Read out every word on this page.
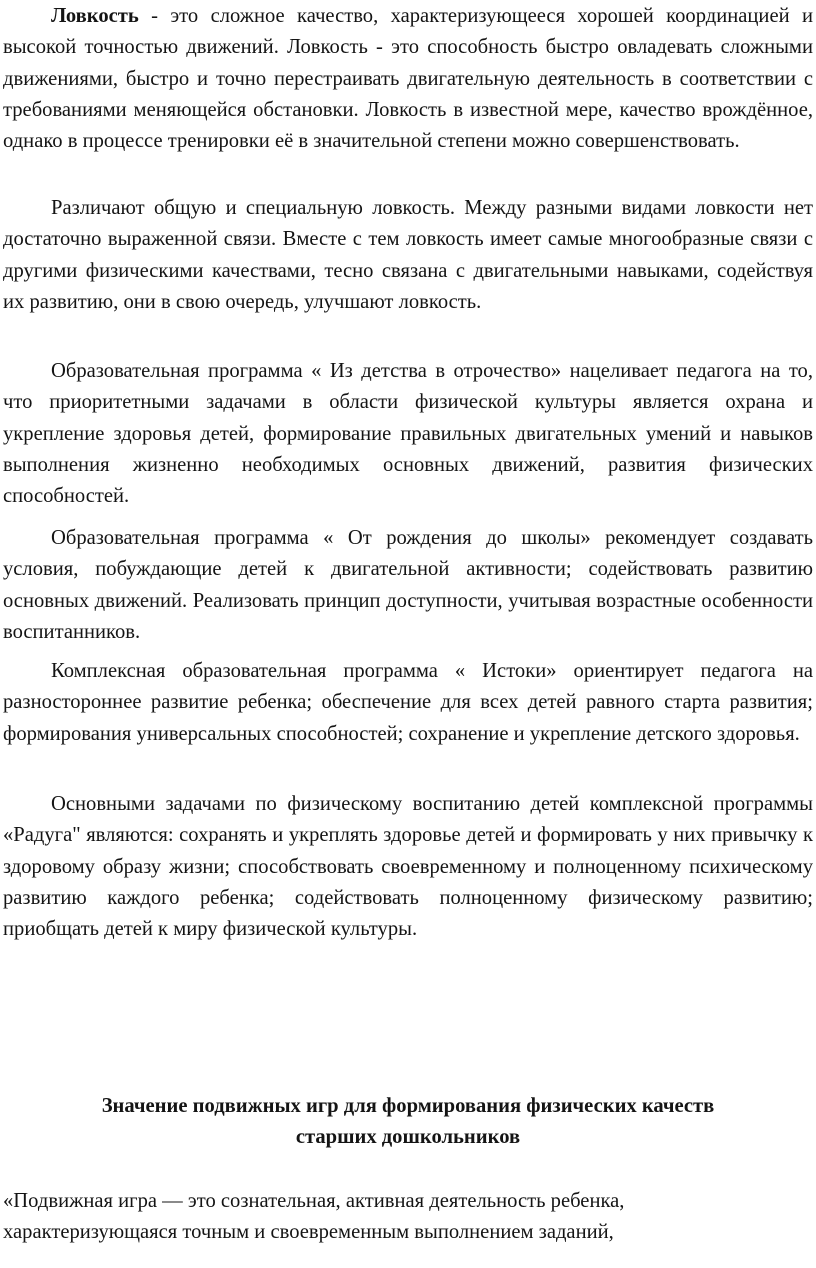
Ловкость - это сложное качество, характеризующееся хорошей координацией и высокой точностью движений. Ловкость - это способность быстро овладевать сложными движениями, быстро и точно перестраивать двигательную деятельность в соответствии с требованиями меняющейся обстановки. Ловкость в известной мере, качество врождённое, однако в процессе тренировки её в значительной степени можно совершенствовать.

Различают общую и специальную ловкость. Между разными видами ловкости нет достаточно выраженной связи. Вместе с тем ловкость имеет самые многообразные связи с другими физическими качествами, тесно связана с двигательными навыками, содействуя их развитию, они в свою очередь, улучшают ловкость.

Образовательная программа « Из детства в отрочество» нацеливает педагога на то, что приоритетными задачами в области физической культуры является охрана и укрепление здоровья детей, формирование правильных двигательных умений и навыков выполнения жизненно необходимых основных движений, развития физических способностей.

Образовательная программа « От рождения до школы» рекомендует создавать условия, побуждающие детей к двигательной активности; содействовать развитию основных движений. Реализовать принцип доступности, учитывая возрастные особенности воспитанников.

Комплексная образовательная программа « Истоки» ориентирует педагога на разностороннее развитие ребенка; обеспечение для всех детей равного старта развития; формирования универсальных способностей; сохранение и укрепление детского здоровья.

Основными задачами по физическому воспитанию детей комплексной программы «Радуга" являются: сохранять и укреплять здоровье детей и формировать у них привычку к здоровому образу жизни; способствовать своевременному и полноценному психическому развитию каждого ребенка; содействовать полноценному физическому развитию; приобщать детей к миру физической культуры.

Значение подвижных игр для формирования физических качеств
старших дошкольников

«Подвижная игра — это сознательная, активная деятельность ребенка,
характеризующаяся точным и своевременным выполнением заданий,
